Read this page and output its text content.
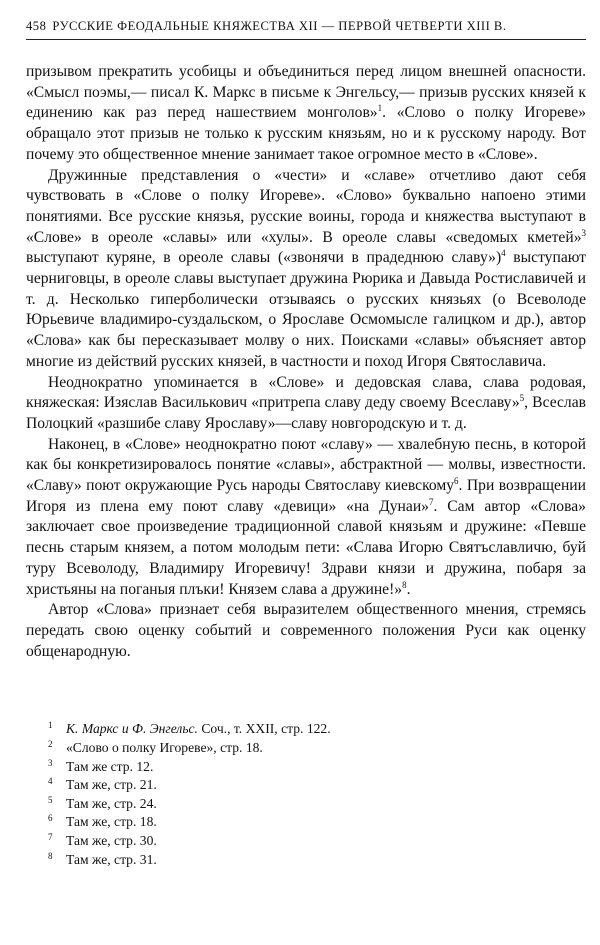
458 РУССКИЕ ФЕОДАЛЬНЫЕ КНЯЖЕСТВА XII — ПЕРВОЙ ЧЕТВЕРТИ XIII В.

призывом прекратить усобицы и объединиться перед лицом внешней опасности. «Смысл поэмы,— писал К. Маркс в письме к Энгельсу,— призыв русских князей к единению как раз перед нашествием монголов»$^1$. «Слово о полку Игореве» обращало этот призыв не только к русским князьям, но и к русскому народу. Вот почему это общественное мнение занимает такое огромное место в «Слове».

Дружинные представления о «чести» и «славе» отчетливо дают себя чувствовать в «Слове о полку Игореве». «Слово» буквально напоено этими понятиями. Все русские князья, русские воины, города и княжества выступают в «Слове» в ореоле «славы» или «хулы». В ореоле славы «сведомых кметей»$^3$ выступают куряне, в ореоле славы («звонячи в прадеднюю славу»)$^4$ выступают черниговцы, в ореоле славы выступает дружина Рюрика и Давыда Ростиславичей и т. д. Несколько гиперболически отзываясь о русских князьях (о Всеволоде Юрьевиче владимиро-суздальском, о Ярославе Осмомысле галицком и др.), автор «Слова» как бы пересказывает молву о них. Поисками «славы» объясняет автор многие из действий русских князей, в частности и поход Игоря Святославича.

Неоднократно упоминается в «Слове» и дедовская слава, слава родовая, княжеская: Изяслав Василькович «притрепа славу деду своему Всеславу»$^5$, Всеслав Полоцкий «разшибе славу Ярославу»—славу новгородскую и т. д.

Наконец, в «Слове» неоднократно поют «славу» — хвалебную песнь, в которой как бы конкретизировалось понятие «славы», абстрактной — молвы, известности. «Славу» поют окружающие Русь народы Святославу киевскому$^6$. При возвращении Игоря из плена ему поют славу «девици» «на Дунаи»$^7$. Сам автор «Слова» заключает свое произведение традиционной славой князьям и дружине: «Певше песнь старым князем, а потом молодым пети: «Слава Игорю Святъславличю, буй туру Всеволоду, Владимиру Игоревичу! Здрави князи и дружина, побаря за христьяны на поганыя плъки! Князем слава а дружине!»$^8$.

Автор «Слова» признает себя выразителем общественного мнения, стремясь передать свою оценку событий и современного положения Руси как оценку общенародную.

1 К. Маркс и Ф. Энгельс. Соч., т. XXII, стр. 122.
2 «Слово о полку Игореве», стр. 18.
3 Там же стр. 12.
4 Там же, стр. 21.
5 Там же, стр. 24.
6 Там же, стр. 18.
7 Там же, стр. 30.
8 Там же, стр. 31.
